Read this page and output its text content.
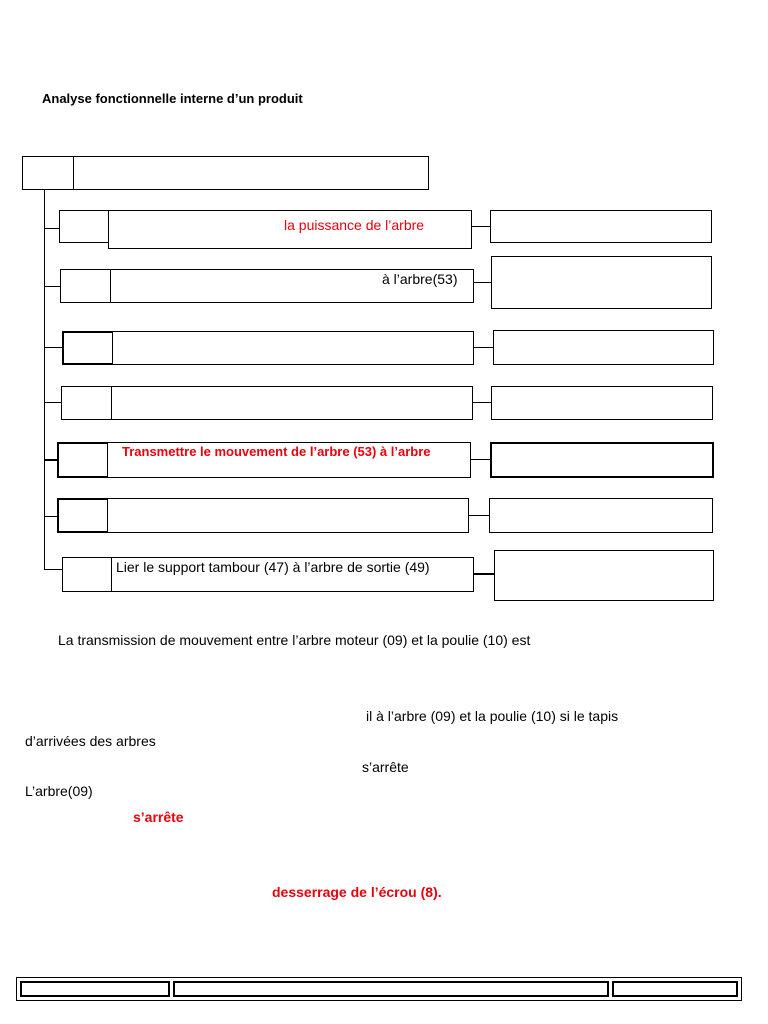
Analyse fonctionnelle interne d’un produit
la puissance de l’arbre
à l’arbre(53)
Transmettre le mouvement de l’arbre (53) à l’arbre
Lier le support tambour (47) à l’arbre de sortie (49)
La transmission de mouvement entre l’arbre moteur (09) et la poulie (10) est
il à l’arbre (09) et la poulie (10) si le tapis
d’arrivées des arbres
s’arrête
L’arbre(09)
s’arrête
desserrage de l’écrou (8).
